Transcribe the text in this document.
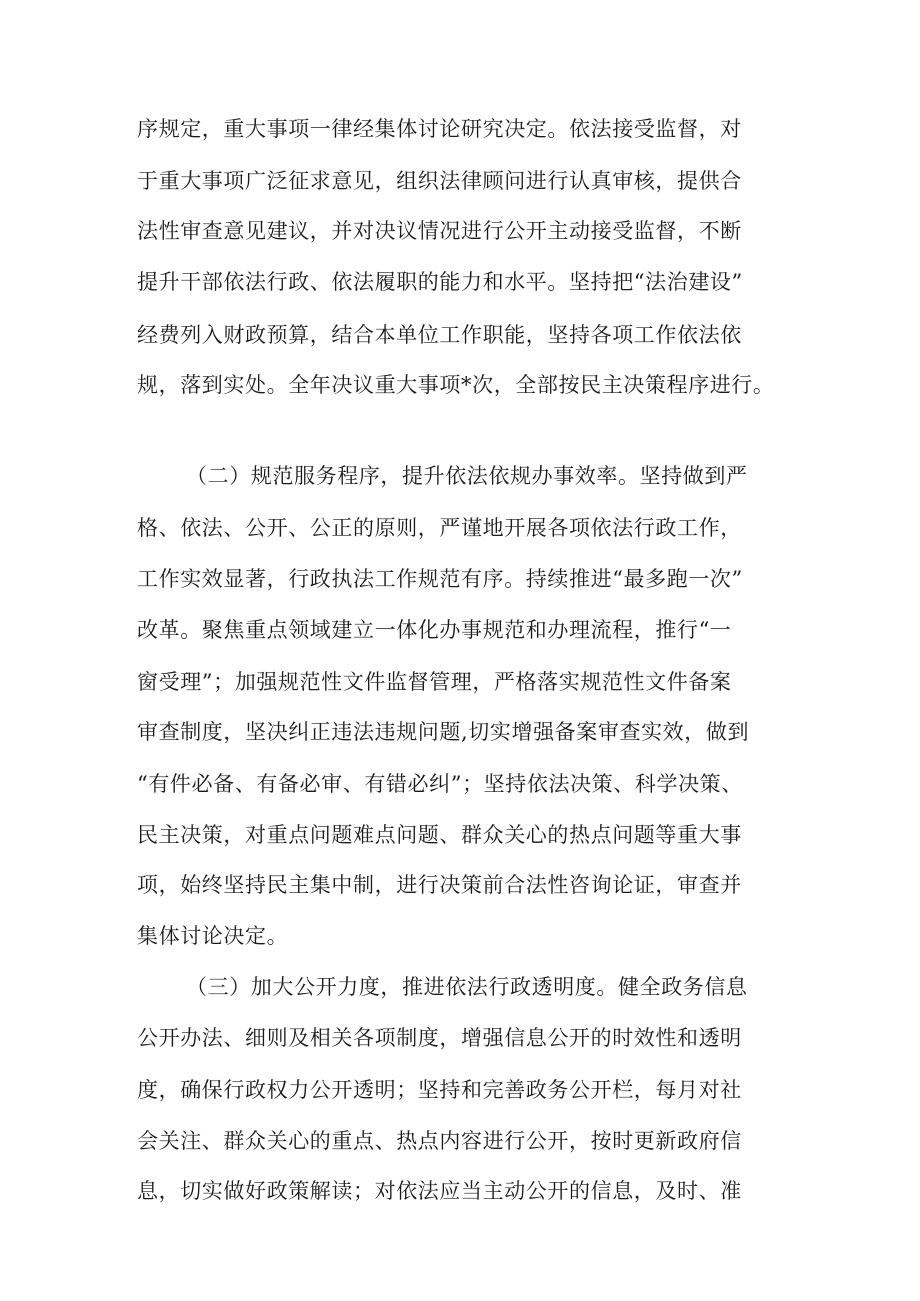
序规定，重大事项一律经集体讨论研究决定。依法接受监督，对

于重大事项广泛征求意见，组织法律顾问进行认真审核，提供合

法性审查意见建议，并对决议情况进行公开主动接受监督，不断

提升干部依法行政、依法履职的能力和水平。坚持把“法治建设”

经费列入财政预算，结合本单位工作职能，坚持各项工作依法依

规，落到实处。全年决议重大事项*次，全部按民主决策程序进行。

（二）规范服务程序，提升依法依规办事效率。坚持做到严

格、依法、公开、公正的原则，严谨地开展各项依法行政工作，

工作实效显著，行政执法工作规范有序。持续推进“最多跑一次”

改革。聚焦重点领域建立一体化办事规范和办理流程，推行“一

窗受理”；加强规范性文件监督管理，严格落实规范性文件备案

审查制度，坚决纠正违法违规问题,切实增强备案审查实效，做到

“有件必备、有备必审、有错必纠”；坚持依法决策、科学决策、

民主决策，对重点问题难点问题、群众关心的热点问题等重大事

项，始终坚持民主集中制，进行决策前合法性咨询论证，审查并

集体讨论决定。

（三）加大公开力度，推进依法行政透明度。健全政务信息

公开办法、细则及相关各项制度，增强信息公开的时效性和透明

度，确保行政权力公开透明；坚持和完善政务公开栏，每月对社

会关注、群众关心的重点、热点内容进行公开，按时更新政府信

息，切实做好政策解读；对依法应当主动公开的信息，及时、准
